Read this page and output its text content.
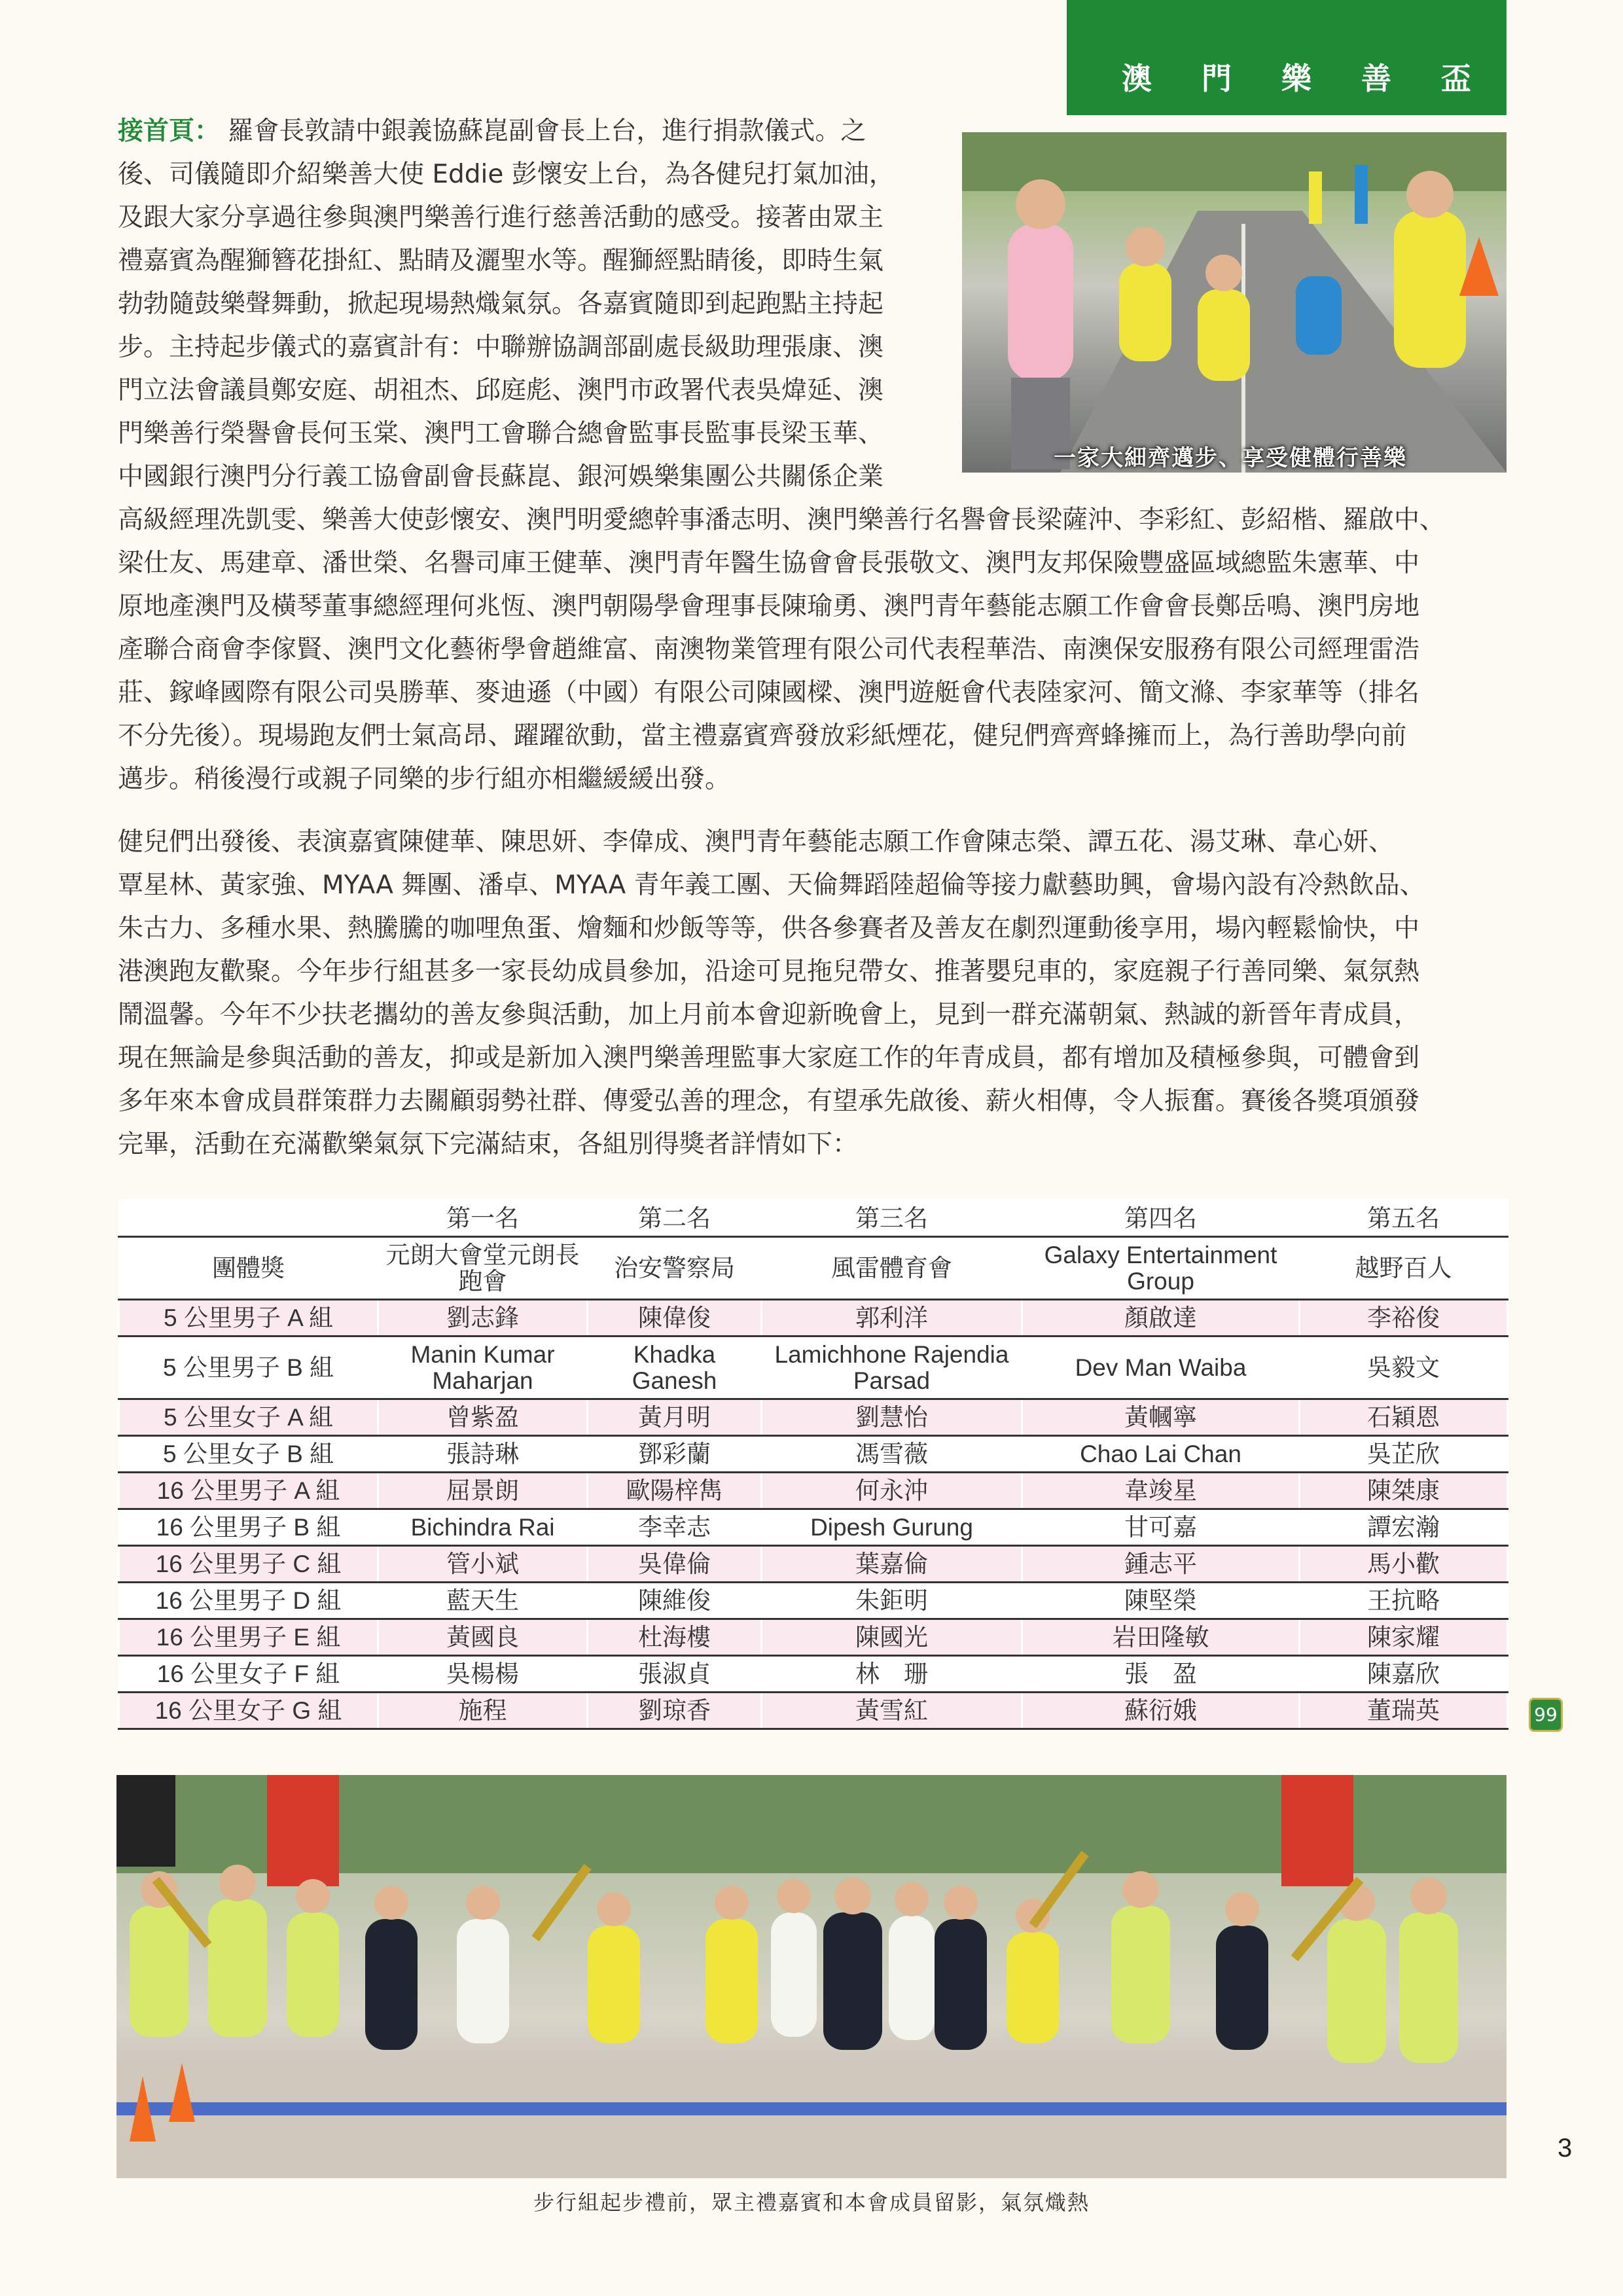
澳 門 樂 善 盃
一家大細齊邁步、享受健體行善樂

接首頁： 羅會長敦請中銀義協蘇崑副會長上台，進行捐款儀式。之

後、司儀隨即介紹樂善大使 Eddie 彭懷安上台，為各健兒打氣加油，

及跟大家分享過往參與澳門樂善行進行慈善活動的感受。接著由眾主

禮嘉賓為醒獅簪花掛紅、點睛及灑聖水等。醒獅經點睛後，即時生氣

勃勃隨鼓樂聲舞動，掀起現場熱熾氣氛。各嘉賓隨即到起跑點主持起

步。主持起步儀式的嘉賓計有：中聯辦協調部副處長級助理張康、澳

門立法會議員鄭安庭、胡祖杰、邱庭彪、澳門市政署代表吳煒延、澳

門樂善行榮譽會長何玉棠、澳門工會聯合總會監事長監事長梁玉華、

中國銀行澳門分行義工協會副會長蘇崑、銀河娛樂集團公共關係企業

高級經理冼凱雯、樂善大使彭懷安、澳門明愛總幹事潘志明、澳門樂善行名譽會長梁薩沖、李彩紅、彭紹楷、羅啟中、

梁仕友、馬建章、潘世榮、名譽司庫王健華、澳門青年醫生協會會長張敬文、澳門友邦保險豐盛區域總監朱憲華、中

原地產澳門及橫琴董事總經理何兆恆、澳門朝陽學會理事長陳瑜勇、澳門青年藝能志願工作會會長鄭岳鳴、澳門房地

產聯合商會李傢賢、澳門文化藝術學會趙維富、南澳物業管理有限公司代表程華浩、南澳保安服務有限公司經理雷浩

莊、鎵峰國際有限公司吳勝華、麥迪遜（中國）有限公司陳國樑、澳門遊艇會代表陸家河、簡文滌、李家華等（排名

不分先後）。現場跑友們士氣高昂、躍躍欲動，當主禮嘉賓齊發放彩紙煙花，健兒們齊齊蜂擁而上，為行善助學向前

邁步。稍後漫行或親子同樂的步行組亦相繼緩緩出發。

健兒們出發後、表演嘉賓陳健華、陳思妍、李偉成、澳門青年藝能志願工作會陳志榮、譚五花、湯艾琳、韋心妍、

覃星林、黃家強、MYAA 舞團、潘卓、MYAA 青年義工團、天倫舞蹈陸超倫等接力獻藝助興，會場內設有冷熱飲品、

朱古力、多種水果、熱騰騰的咖哩魚蛋、燴麵和炒飯等等，供各參賽者及善友在劇烈運動後享用，場內輕鬆愉快，中

港澳跑友歡聚。今年步行組甚多一家長幼成員參加，沿途可見拖兒帶女、推著嬰兒車的，家庭親子行善同樂、氣氛熱

鬧溫馨。今年不少扶老攜幼的善友參與活動，加上月前本會迎新晚會上，見到一群充滿朝氣、熱誠的新晉年青成員，

現在無論是參與活動的善友，抑或是新加入澳門樂善理監事大家庭工作的年青成員，都有增加及積極參與，可體會到

多年來本會成員群策群力去關顧弱勢社群、傳愛弘善的理念，有望承先啟後、薪火相傳，令人振奮。賽後各獎項頒發

完畢，活動在充滿歡樂氣氛下完滿結束，各組別得獎者詳情如下：

	第一名	第二名	第三名	第四名	第五名
團體獎	元朗大會堂元朗長跑會	治安警察局	風雷體育會	Galaxy Entertainment Group	越野百人
5 公里男子 A 組	劉志鋒	陳偉俊	郭利洋	顏啟達	李裕俊
5 公里男子 B 組	Manin Kumar Maharjan	Khadka Ganesh	Lamichhone Rajendia Parsad	Dev Man Waiba	吳毅文
5 公里女子 A 組	曾紫盈	黃月明	劉慧怡	黃幗寧	石穎恩
5 公里女子 B 組	張詩琳	鄧彩蘭	馮雪薇	Chao Lai Chan	吳芷欣
16 公里男子 A 組	屈景朗	歐陽梓雋	何永沖	韋竣星	陳桀康
16 公里男子 B 組	Bichindra Rai	李幸志	Dipesh Gurung	甘可嘉	譚宏瀚
16 公里男子 C 組	管小斌	吳偉倫	葉嘉倫	鍾志平	馬小歡
16 公里男子 D 組	藍天生	陳維俊	朱鉅明	陳堅榮	王抗略
16 公里男子 E 組	黃國良	杜海樓	陳國光	岩田隆敏	陳家耀
16 公里女子 F 組	吳楊楊	張淑貞	林　珊	張　盈	陳嘉欣
16 公里女子 G 組	施程	劉琼香	黃雪紅	蘇衍娥	董瑞英	99
步行組起步禮前，眾主禮嘉賓和本會成員留影，氣氛熾熱
3
